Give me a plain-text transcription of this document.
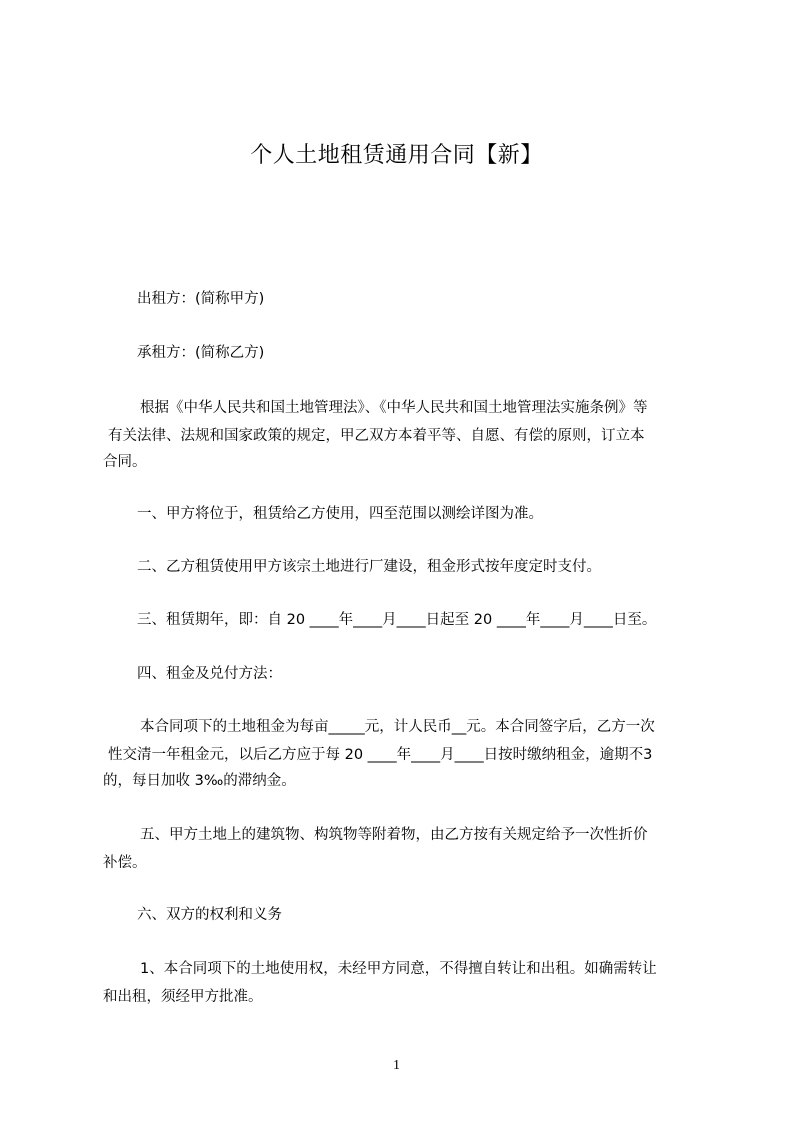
个人土地租赁通用合同【新】
出租方：(简称甲方)
承租方：(简称乙方)
根据《中华人民共和国土地管理法》、《中华人民共和国土地管理法实施条例》等
有关法律、法规和国家政策的规定，甲乙双方本着平等、自愿、有偿的原则，订立本
合同。
一、甲方将位于，租赁给乙方使用，四至范围以测绘详图为准。
二、乙方租赁使用甲方该宗土地进行厂建设，租金形式按年度定时支付。
三、租赁期年，即：自 20 ____年____月____日起至 20 ____年____月____日至。
四、租金及兑付方法：
本合同项下的土地租金为每亩_____元，计人民币__元。本合同签字后，乙方一次
性交清一年租金元，以后乙方应于每 20 ____年____月____日按时缴纳租金，逾期不3
的，每日加收 3‰的滞纳金。
五、甲方土地上的建筑物、构筑物等附着物，由乙方按有关规定给予一次性折价
补偿。
六、双方的权利和义务
1、本合同项下的土地使用权，未经甲方同意，不得擅自转让和出租。如确需转让
和出租，须经甲方批准。
1
